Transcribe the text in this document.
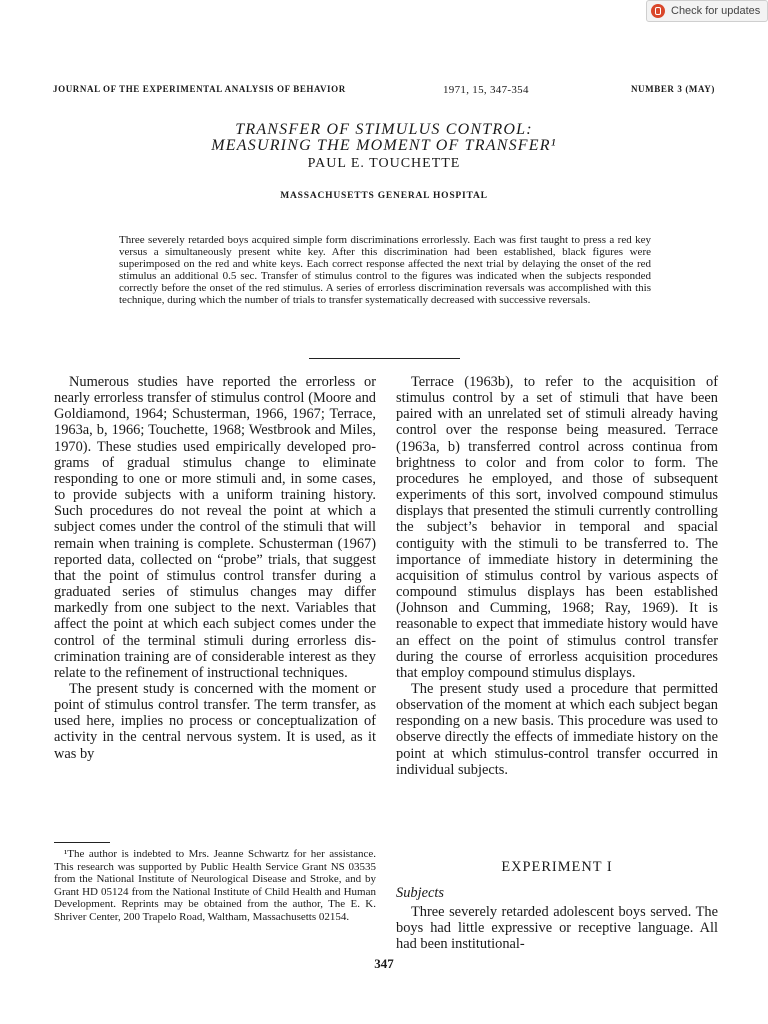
Check for updates
JOURNAL OF THE EXPERIMENTAL ANALYSIS OF BEHAVIOR	1971, 15, 347-354	NUMBER 3 (MAY)
TRANSFER OF STIMULUS CONTROL:
MEASURING THE MOMENT OF TRANSFER¹
PAUL E. TOUCHETTE
MASSACHUSETTS GENERAL HOSPITAL

Three severely retarded boys acquired simple form discriminations errorlessly. Each was first taught to press a red key versus a simultaneously present white key. After this discrimination had been established, black figures were superimposed on the red and white keys. Each correct response affected the next trial by delaying the onset of the red stimulus an additional 0.5 sec. Transfer of stimulus control to the figures was indicated when the subjects responded correctly before the onset of the red stimulus. A series of errorless discrimination reversals was accomplished with this technique, during which the number of trials to transfer systematically decreased with successive reversals.

Numerous studies have reported the errorless or nearly errorless transfer of stimulus control (Moore and Goldiamond, 1964; Schusterman, 1966, 1967; Terrace, 1963a, b, 1966; Touchette, 1968; Westbrook and Miles, 1970). These studies used empirically developed programs of gradual stimulus change to eliminate responding to one or more stimuli and, in some cases, to provide subjects with a uniform training history. Such procedures do not reveal the point at which a subject comes under the control of the stimuli that will remain when training is complete. Schusterman (1967) reported data, collected on “probe” trials, that suggest that the point of stimulus control transfer during a graduated series of stimulus changes may differ markedly from one subject to the next. Variables that affect the point at which each subject comes under the control of the terminal stimuli during errorless discrimination training are of considerable interest as they relate to the refinement of instructional techniques.

The present study is concerned with the moment or point of stimulus control transfer. The term transfer, as used here, implies no process or conceptualization of activity in the central nervous system. It is used, as it was by

Terrace (1963b), to refer to the acquisition of stimulus control by a set of stimuli that have been paired with an unrelated set of stimuli already having control over the response being measured. Terrace (1963a, b) transferred control across continua from brightness to color and from color to form. The procedures he employed, and those of subsequent experiments of this sort, involved compound stimulus displays that presented the stimuli currently controlling the subject’s behavior in temporal and spacial contiguity with the stimuli to be transferred to. The importance of immediate history in determining the acquisition of stimulus control by various aspects of compound stimulus displays has been established (Johnson and Cumming, 1968; Ray, 1969). It is reasonable to expect that immediate history would have an effect on the point of stimulus control transfer during the course of errorless acquisition procedures that employ compound stimulus displays.

The present study used a procedure that permitted observation of the moment at which each subject began responding on a new basis. This procedure was used to observe directly the effects of immediate history on the point at which stimulus-control transfer occurred in individual subjects.

¹The author is indebted to Mrs. Jeanne Schwartz for her assistance. This research was supported by Public Health Service Grant NS 03535 from the National Institute of Neurological Disease and Stroke, and by Grant HD 05124 from the National Institute of Child Health and Human Development. Reprints may be obtained from the author, The E. K. Shriver Center, 200 Trapelo Road, Waltham, Massachusetts 02154.

EXPERIMENT I
Subjects

Three severely retarded adolescent boys served. The boys had little expressive or receptive language. All had been institutional-

347
